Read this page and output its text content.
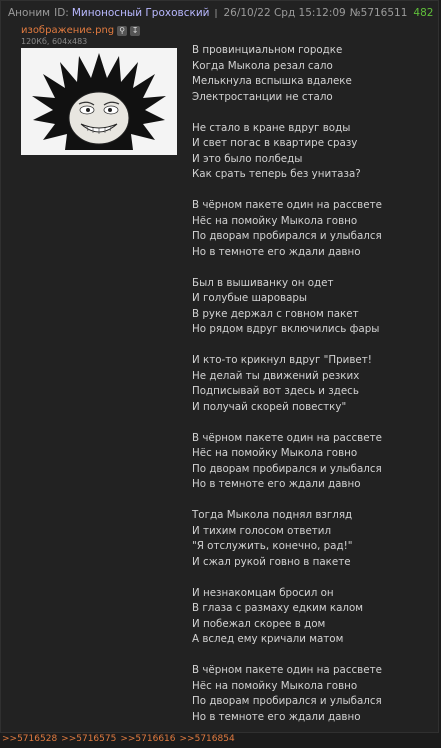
Аноним ID: Миноносный Гроховский 26/10/22 Срд 15:12:09 №5716511 482
изображение.png ⚲ ↧
120Кб, 604x483
В провинциальном городке
Когда Мыкола резал сало
Мелькнула вспышка вдалеке
Электростанции не стало
Не стало в кране вдруг воды
И свет погас в квартире сразу
И это было полбеды
Как срать теперь без унитаза?
В чёрном пакете один на рассвете
Нёс на помойку Мыкола говно
По дворам пробирался и улыбался
Но в темноте его ждали давно
Был в вышиванку он одет
И голубые шаровары
В руке держал с говном пакет
Но рядом вдруг включились фары
И кто-то крикнул вдруг "Привет!
Не делай ты движений резких
Подписывай вот здесь и здесь
И получай скорей повестку"
В чёрном пакете один на рассвете
Нёс на помойку Мыкола говно
По дворам пробирался и улыбался
Но в темноте его ждали давно
Тогда Мыкола поднял взгляд
И тихим голосом ответил
"Я отслужить, конечно, рад!"
И сжал рукой говно в пакете
И незнакомцам бросил он
В глаза с размаху едким калом
И побежал скорее в дом
А вслед ему кричали матом
В чёрном пакете один на рассвете
Нёс на помойку Мыкола говно
По дворам пробирался и улыбался
Но в темноте его ждали давно
>>5716528 >>5716575 >>5716616 >>5716854
